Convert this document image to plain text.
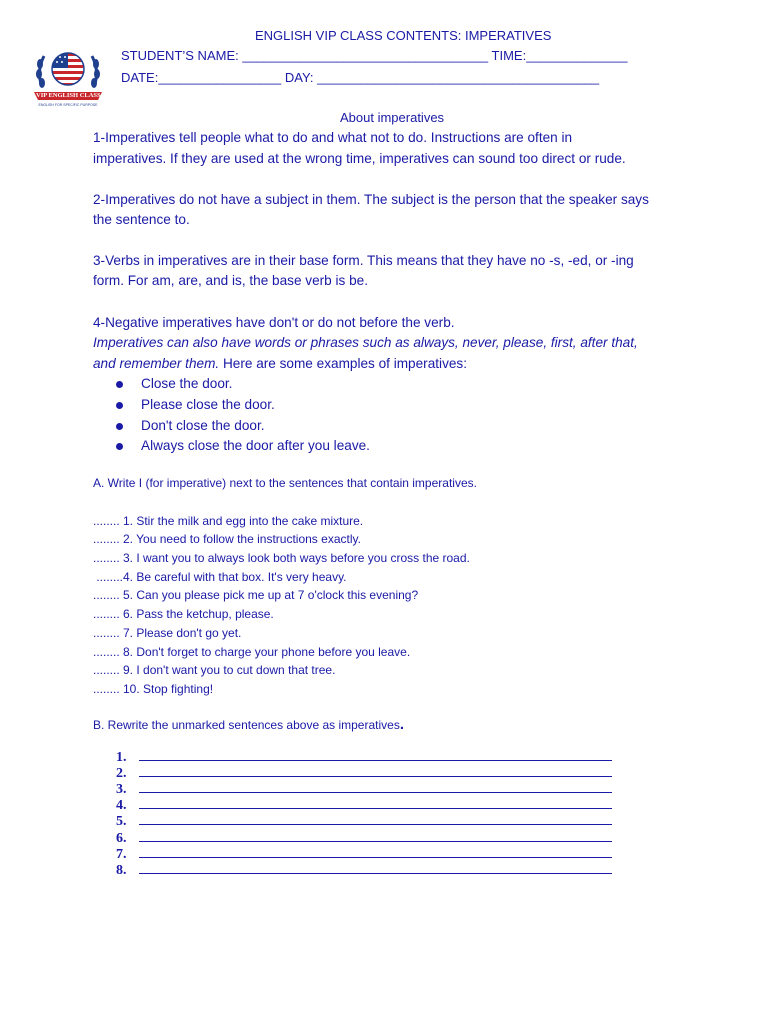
VIP ENGLISH CLASS
ENGLISH FOR SPECIFIC PURPOSE
ENGLISH VIP CLASS CONTENTS: IMPERATIVES
STUDENT’S NAME: __________________________________ TIME:______________
DATE:_________________ DAY: _______________________________________
About imperatives
1-Imperatives tell people what to do and what not to do. Instructions are often in
imperatives. If they are used at the wrong time, imperatives can sound too direct or rude.
2-Imperatives do not have a subject in them. The subject is the person that the speaker says
the sentence to.
3-Verbs in imperatives are in their base form. This means that they have no -s, -ed, or -ing
form. For am, are, and is, the base verb is be.
4-Negative imperatives have don't or do not before the verb.
Imperatives can also have words or phrases such as always, never, please, first, after that,
and remember them. Here are some examples of imperatives:
Close the door.
Please close the door.
Don't close the door.
Always close the door after you leave.
A. Write I (for imperative) next to the sentences that contain imperatives.
........ 1. Stir the milk and egg into the cake mixture.
........ 2. You need to follow the instructions exactly.
........ 3. I want you to always look both ways before you cross the road.
........4. Be careful with that box. It's very heavy.
........ 5. Can you please pick me up at 7 o'clock this evening?
........ 6. Pass the ketchup, please.
........ 7. Please don't go yet.
........ 8. Don't forget to charge your phone before you leave.
........ 9. I don't want you to cut down that tree.
........ 10. Stop fighting!
B. Rewrite the unmarked sentences above as imperatives.
1.
2.
3.
4.
5.
6.
7.
8.
